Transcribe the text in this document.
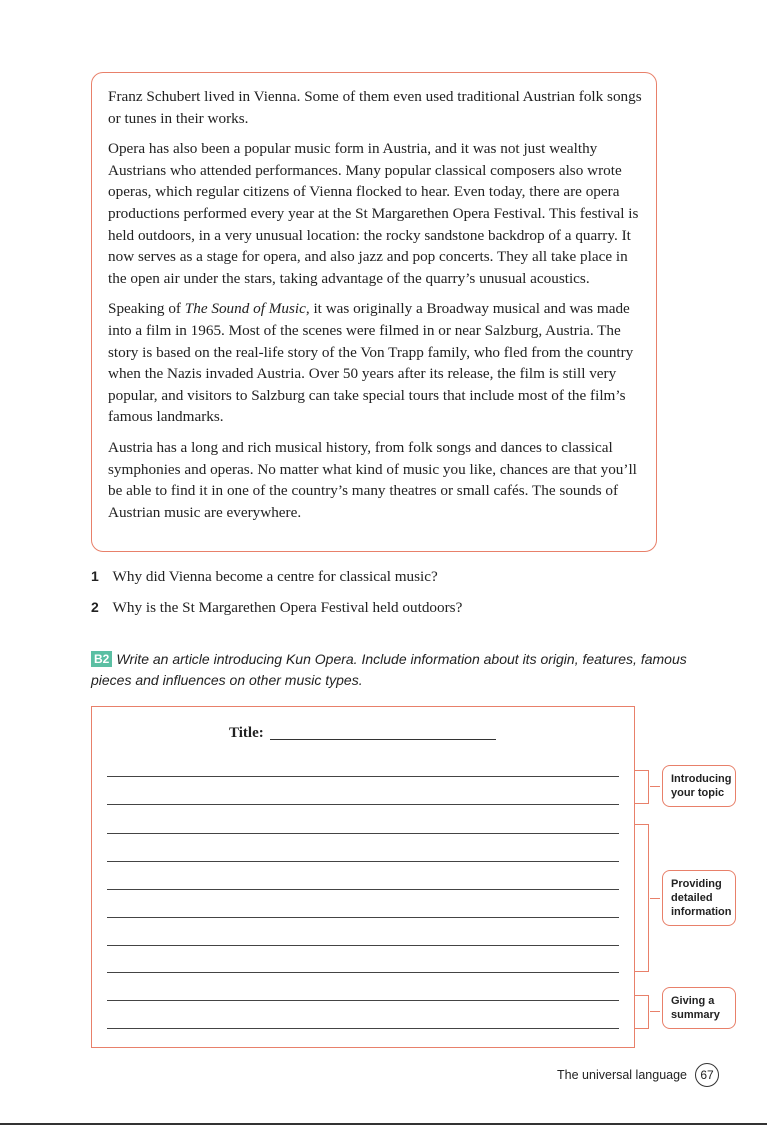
Franz Schubert lived in Vienna. Some of them even used traditional Austrian folk songs or tunes in their works.

Opera has also been a popular music form in Austria, and it was not just wealthy Austrians who attended performances. Many popular classical composers also wrote operas, which regular citizens of Vienna flocked to hear. Even today, there are opera productions performed every year at the St Margarethen Opera Festival. This festival is held outdoors, in a very unusual location: the rocky sandstone backdrop of a quarry. It now serves as a stage for opera, and also jazz and pop concerts. They all take place in the open air under the stars, taking advantage of the quarry’s unusual acoustics.

Speaking of The Sound of Music, it was originally a Broadway musical and was made into a film in 1965. Most of the scenes were filmed in or near Salzburg, Austria. The story is based on the real-life story of the Von Trapp family, who fled from the country when the Nazis invaded Austria. Over 50 years after its release, the film is still very popular, and visitors to Salzburg can take special tours that include most of the film’s famous landmarks.

Austria has a long and rich musical history, from folk songs and dances to classical symphonies and operas. No matter what kind of music you like, chances are that you’ll be able to find it in one of the country’s many theatres or small cafés. The sounds of Austrian music are everywhere.

1 Why did Vienna become a centre for classical music?
2 Why is the St Margarethen Opera Festival held outdoors?
B2 Write an article introducing Kun Opera. Include information about its origin, features, famous pieces and influences on other music types.
Title:
Introducing your topic
Providing detailed information
Giving a summary
The universal language	67
